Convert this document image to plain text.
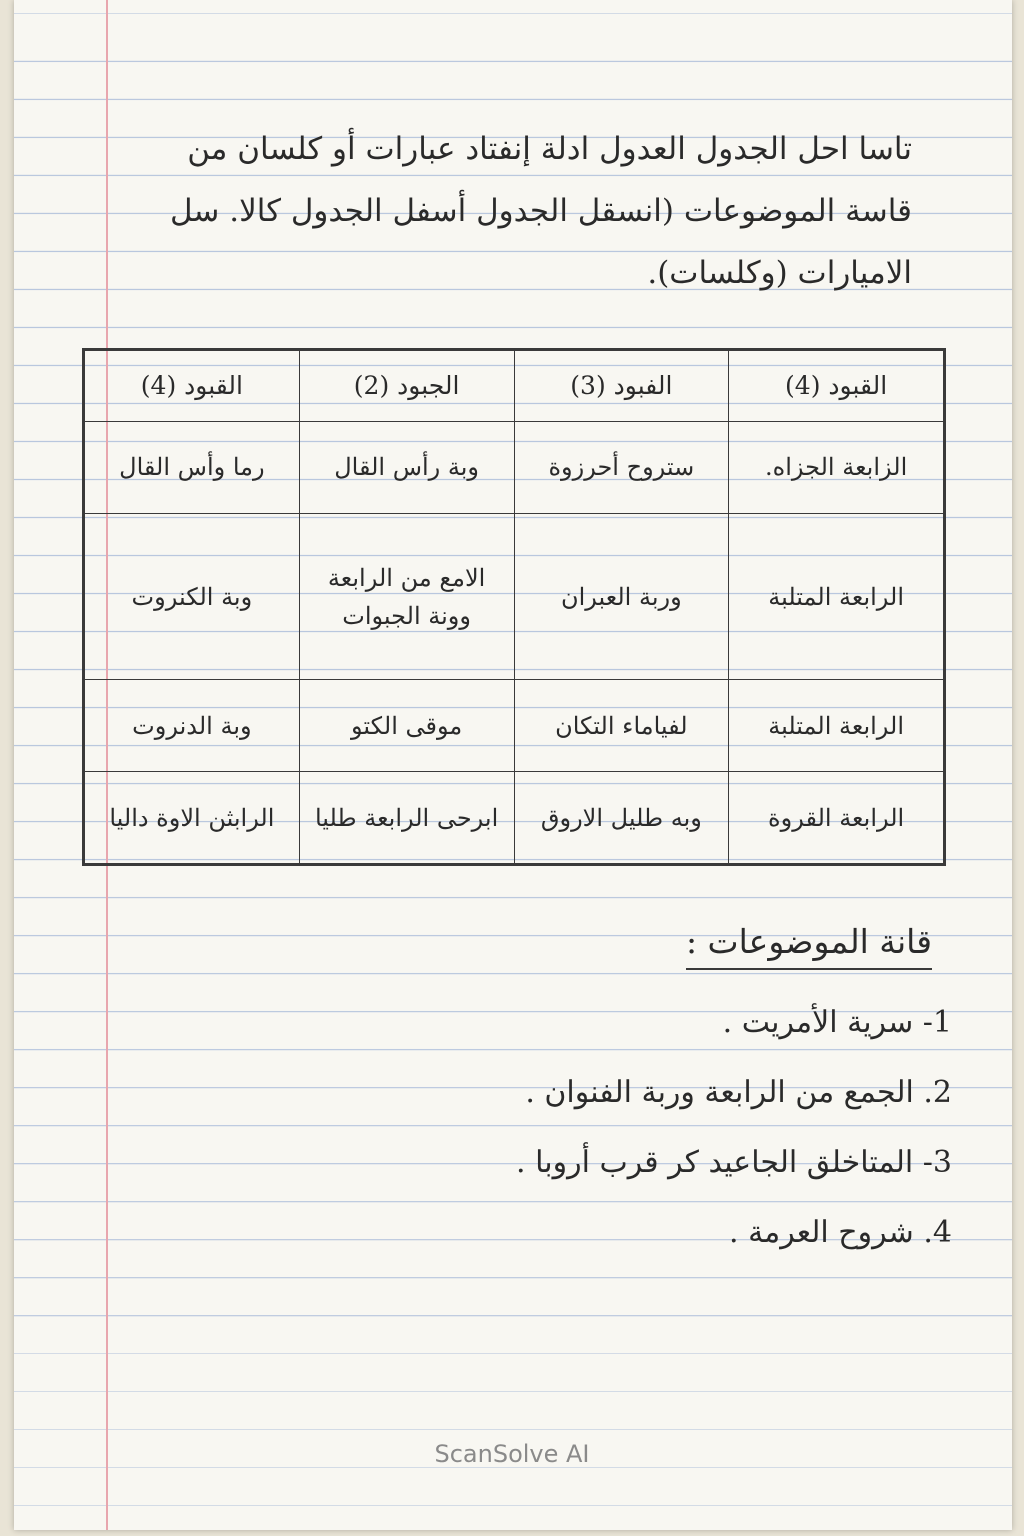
تاسا احل الجدول العدول ادلة إنفتاد عبارات أو كلسان من قاسة الموضوعات (انسقل الجدول أسفل الجدول كالا. سل الاميارات (وكلسات).
القبود (4)	الفبود (3)	الجبود (2)	القبود (4)
الزابعة الجزاه.	ستروح أحرزوة	وبة رأس القال	رما وأس القال
الرابعة المتلبة	وربة العبران	الامع من الرابعة وونة الجبوات	وبة الكنروت
الرابعة المتلبة	لفياماء التكان	موقى الكتو	وبة الدنروت
الرابعة القروة	وبه طليل الاروق	ابرحى الرابعة طليا	الرابثن الاوة داليا
قانة الموضوعات :
1- سرية الأمريت .
2. الجمع من الرابعة وربة الفنوان .
3- المتاخلق الجاعيد كر قرب أروبا .
4. شروح العرمة .
ScanSolve AI
